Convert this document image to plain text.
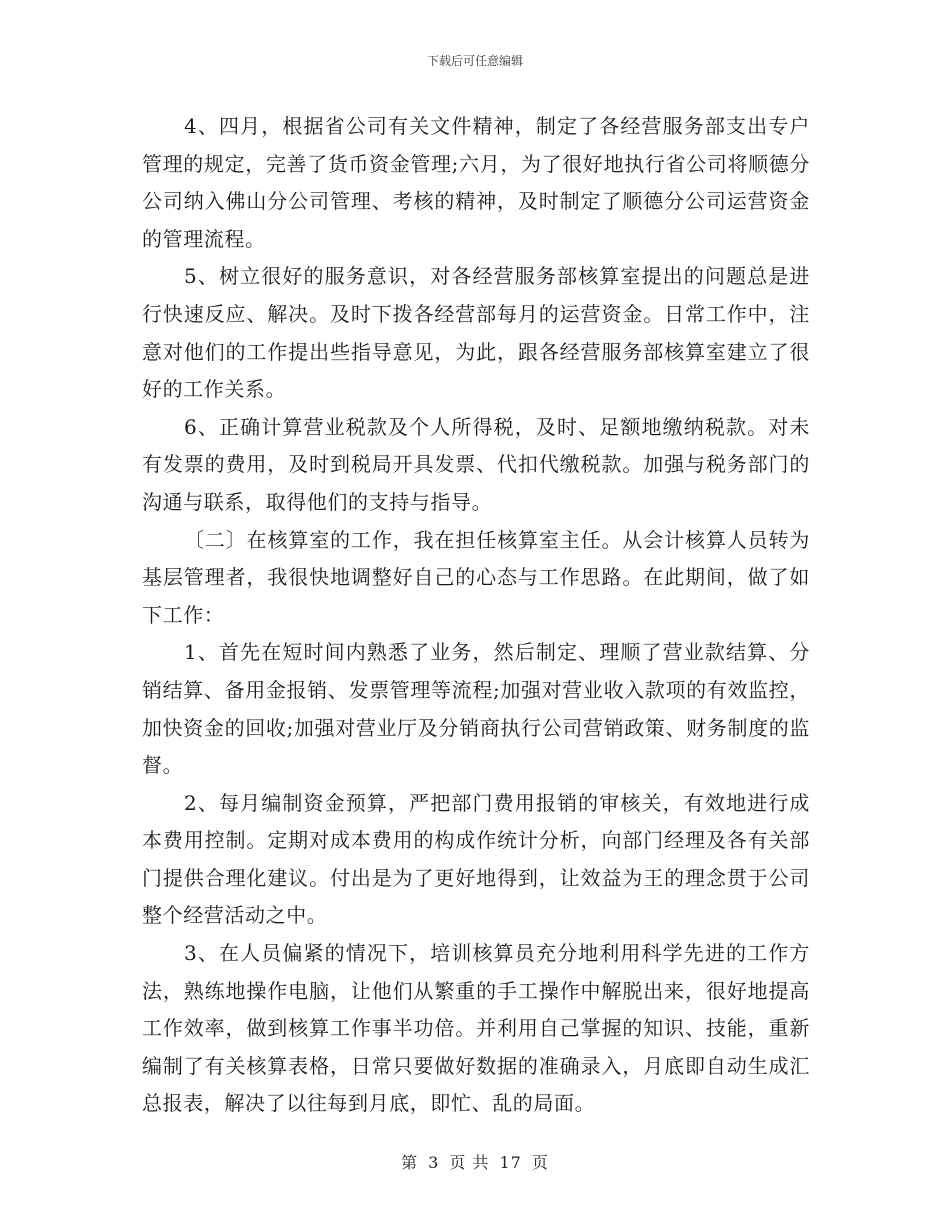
下载后可任意编辑

4、四月，根据省公司有关文件精神，制定了各经营服务部支出专户管理的规定，完善了货币资金管理;六月，为了很好地执行省公司将顺德分公司纳入佛山分公司管理、考核的精神，及时制定了顺德分公司运营资金的管理流程。

5、树立很好的服务意识，对各经营服务部核算室提出的问题总是进行快速反应、解决。及时下拨各经营部每月的运营资金。日常工作中，注意对他们的工作提出些指导意见，为此，跟各经营服务部核算室建立了很好的工作关系。

6、正确计算营业税款及个人所得税，及时、足额地缴纳税款。对未有发票的费用，及时到税局开具发票、代扣代缴税款。加强与税务部门的沟通与联系，取得他们的支持与指导。

〔二〕在核算室的工作，我在担任核算室主任。从会计核算人员转为基层管理者，我很快地调整好自己的心态与工作思路。在此期间，做了如下工作：

1、首先在短时间内熟悉了业务，然后制定、理顺了营业款结算、分销结算、备用金报销、发票管理等流程;加强对营业收入款项的有效监控，加快资金的回收;加强对营业厅及分销商执行公司营销政策、财务制度的监督。

2、每月编制资金预算，严把部门费用报销的审核关，有效地进行成本费用控制。定期对成本费用的构成作统计分析，向部门经理及各有关部门提供合理化建议。付出是为了更好地得到，让效益为王的理念贯于公司整个经营活动之中。

3、在人员偏紧的情况下，培训核算员充分地利用科学先进的工作方法，熟练地操作电脑，让他们从繁重的手工操作中解脱出来，很好地提高工作效率，做到核算工作事半功倍。并利用自己掌握的知识、技能，重新编制了有关核算表格，日常只要做好数据的准确录入，月底即自动生成汇总报表，解决了以往每到月底，即忙、乱的局面。

第 3 页 共 17 页
